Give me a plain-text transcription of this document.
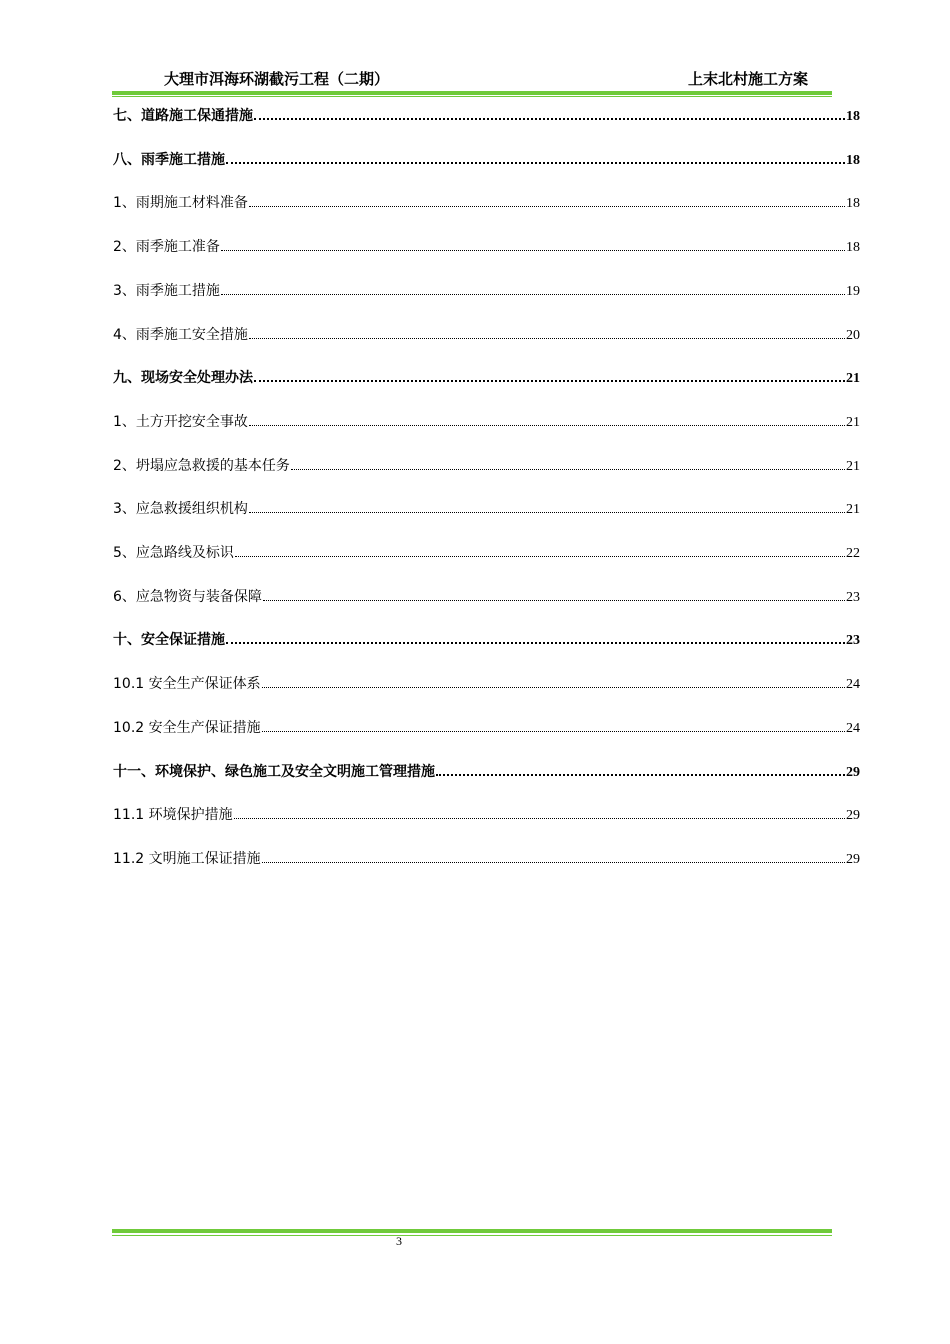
大理市洱海环湖截污工程（二期）	上末北村施工方案
七、道路施工保通措施	18
八、雨季施工措施	18
1、雨期施工材料准备	18
2、雨季施工准备	18
3、雨季施工措施	19
4、雨季施工安全措施	20
九、现场安全处理办法	21
1、土方开挖安全事故	21
2、坍塌应急救援的基本任务	21
3、应急救援组织机构	21
5、应急路线及标识	22
6、应急物资与装备保障	23
十、安全保证措施	23
10.1 安全生产保证体系	24
10.2 安全生产保证措施	24
十一、环境保护、绿色施工及安全文明施工管理措施	29
11.1 环境保护措施	29
11.2 文明施工保证措施	29
3
